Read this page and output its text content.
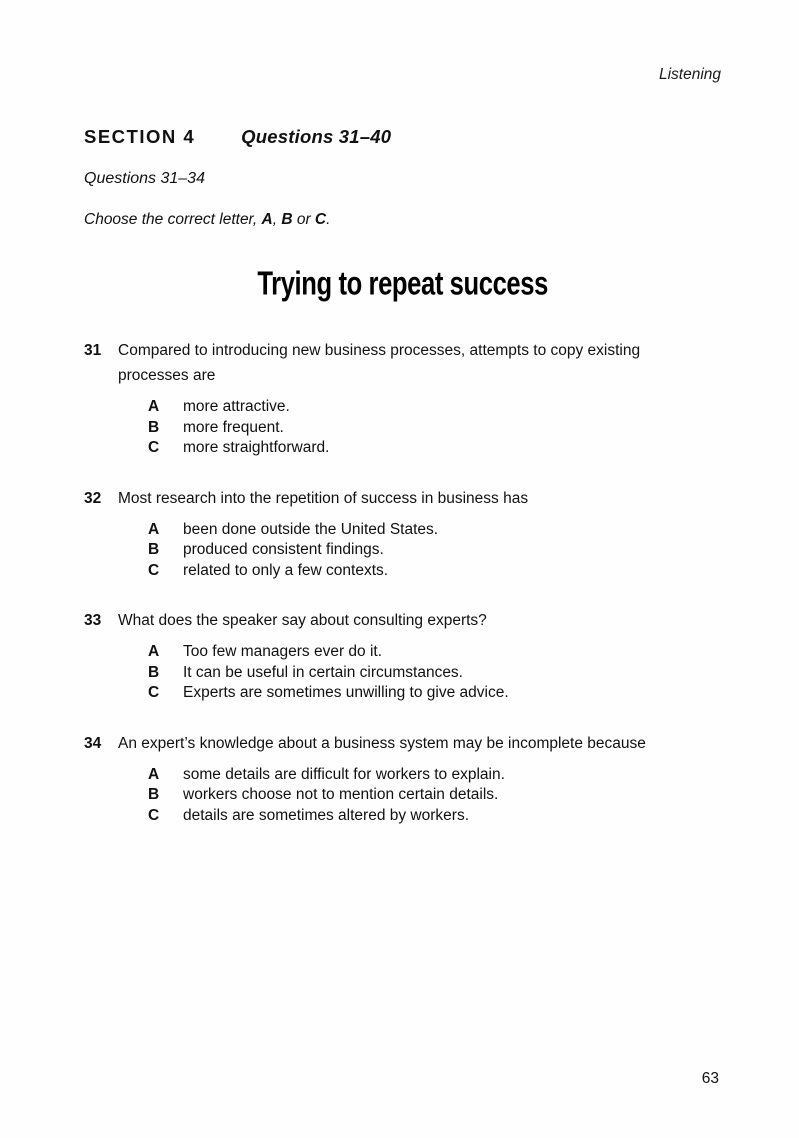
Listening
SECTION 4 Questions 31–40
Questions 31–34
Choose the correct letter, A, B or C.
Trying to repeat success
31	Compared to introducing new business processes, attempts to copy existing processes are
A	more attractive.
B	more frequent.
C	more straightforward.
32	Most research into the repetition of success in business has
A	been done outside the United States.
B	produced consistent findings.
C	related to only a few contexts.
33	What does the speaker say about consulting experts?
A	Too few managers ever do it.
B	It can be useful in certain circumstances.
C	Experts are sometimes unwilling to give advice.
34	An expert’s knowledge about a business system may be incomplete because
A	some details are difficult for workers to explain.
B	workers choose not to mention certain details.
C	details are sometimes altered by workers.
63
